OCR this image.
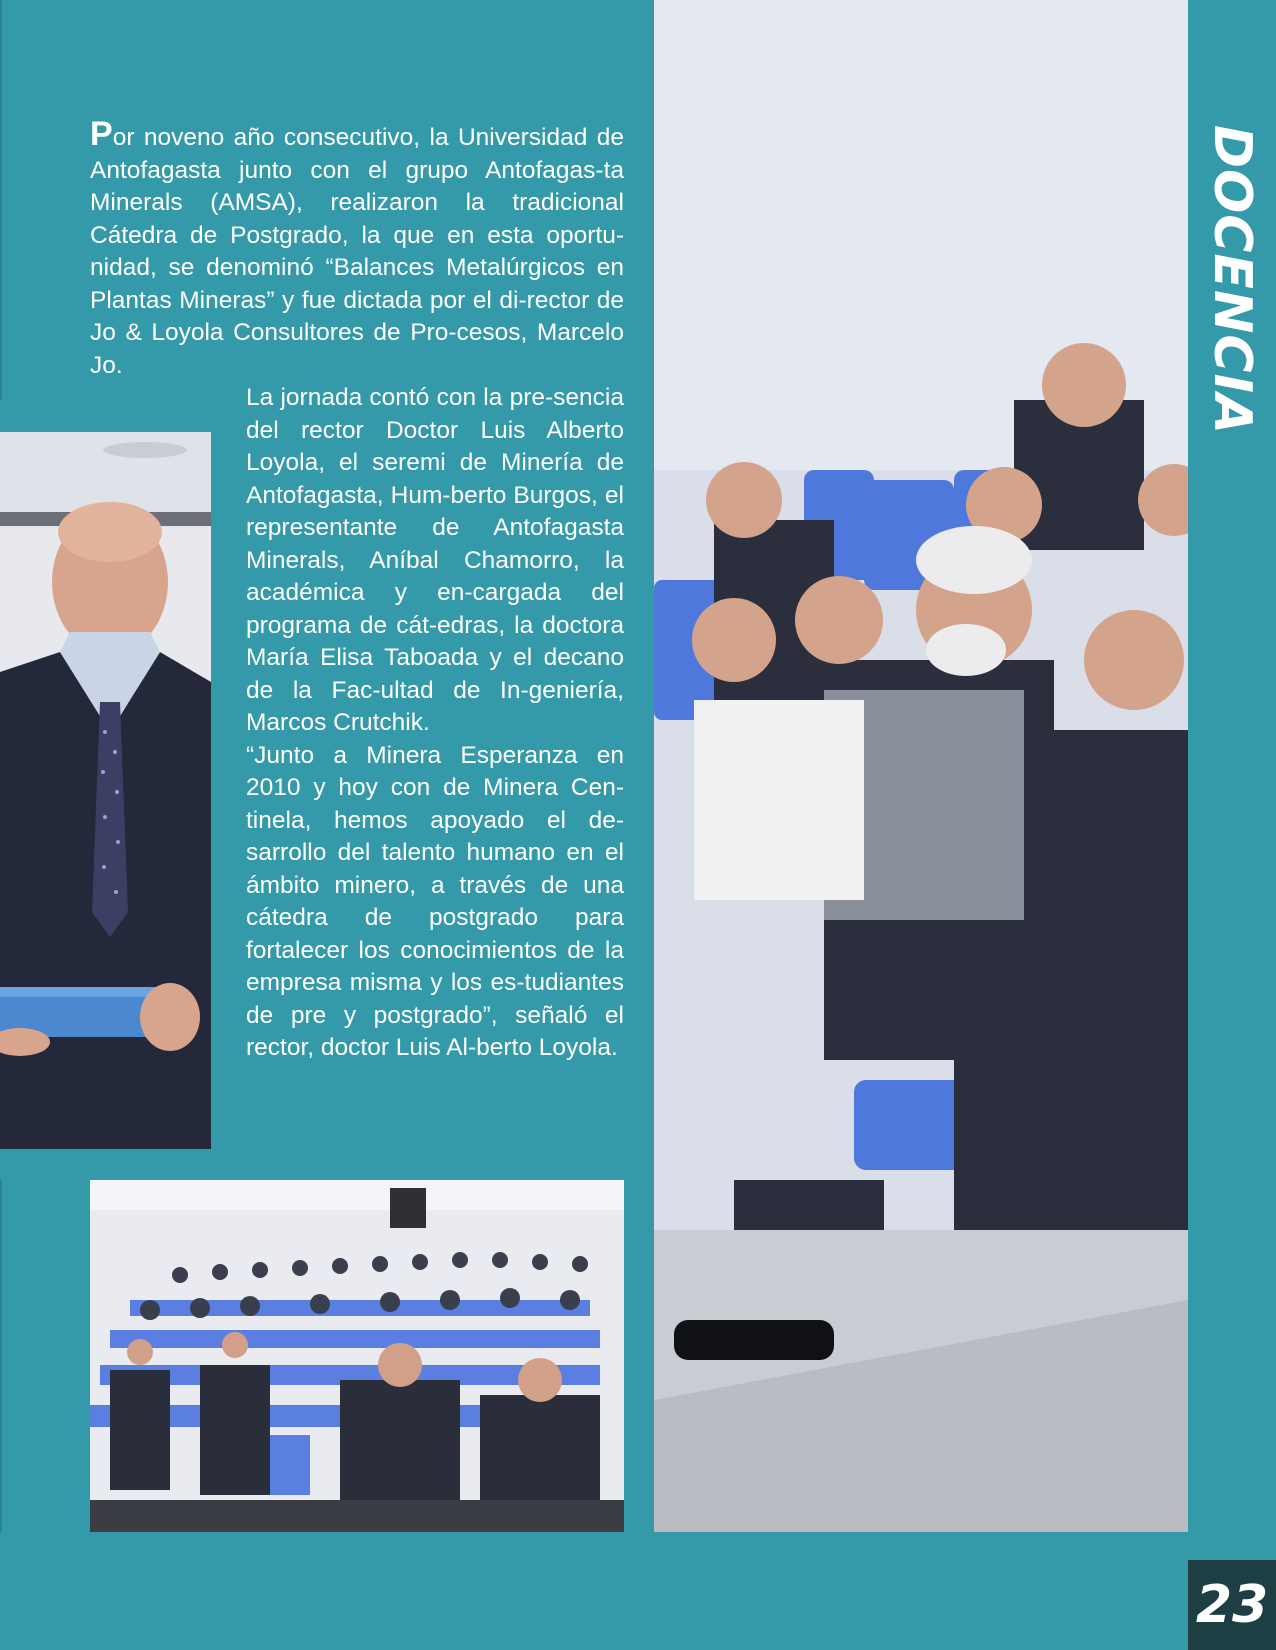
Por noveno año consecutivo, la Universidad de Antofagasta junto con el grupo Antofagas-ta Minerals (AMSA), realizaron la tradicional Cátedra de Postgrado, la que en esta oportu-nidad, se denominó “Balances Metalúrgicos en Plantas Mineras” y fue dictada por el di-rector de Jo & Loyola Consultores de Pro-cesos, Marcelo Jo.

La jornada contó con la pre-sencia del rector Doctor Luis Alberto Loyola, el seremi de Minería de Antofagasta, Hum-berto Burgos, el representante de Antofagasta Minerals, Aníbal Chamorro, la académica y en-cargada del programa de cát-edras, la doctora María Elisa Taboada y el decano de la Fac-ultad de In-geniería, Marcos Crutchik.

“Junto a Minera Esperanza en 2010 y hoy con de Minera Cen-tinela, hemos apoyado el de-sarrollo del talento humano en el ámbito minero, a través de una cátedra de postgrado para fortalecer los conocimientos de la empresa misma y los es-tudiantes de pre y postgrado”, señaló el rector, doctor Luis Al-berto Loyola.

DOCENCIA
23
